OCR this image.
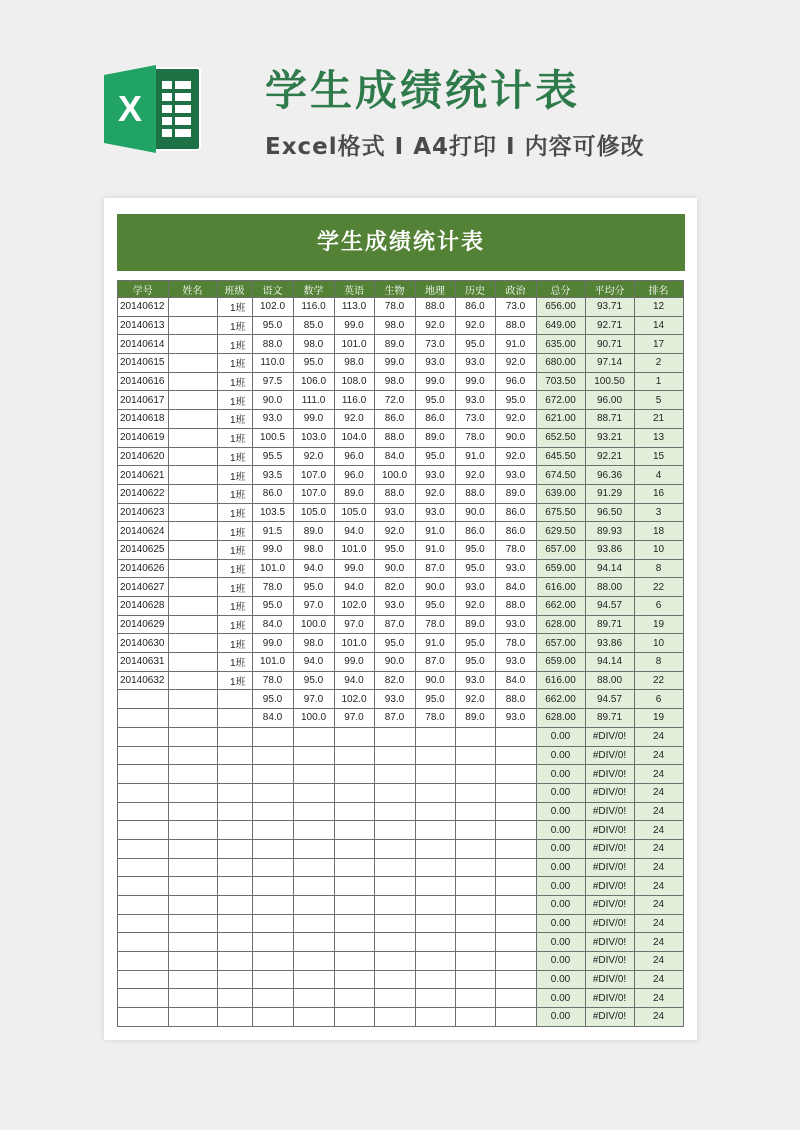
X	学生成绩统计表
Excel格式 I A4打印 I 内容可修改
学生成绩统计表
学号	姓名	班级	语文	数学	英语	生物	地理	历史	政治	总分	平均分	排名
20140612		1班	102.0	116.0	113.0	78.0	88.0	86.0	73.0	656.00	93.71	12
20140613		1班	95.0	85.0	99.0	98.0	92.0	92.0	88.0	649.00	92.71	14
20140614		1班	88.0	98.0	101.0	89.0	73.0	95.0	91.0	635.00	90.71	17
20140615		1班	110.0	95.0	98.0	99.0	93.0	93.0	92.0	680.00	97.14	2
20140616		1班	97.5	106.0	108.0	98.0	99.0	99.0	96.0	703.50	100.50	1
20140617		1班	90.0	111.0	116.0	72.0	95.0	93.0	95.0	672.00	96.00	5
20140618		1班	93.0	99.0	92.0	86.0	86.0	73.0	92.0	621.00	88.71	21
20140619		1班	100.5	103.0	104.0	88.0	89.0	78.0	90.0	652.50	93.21	13
20140620		1班	95.5	92.0	96.0	84.0	95.0	91.0	92.0	645.50	92.21	15
20140621		1班	93.5	107.0	96.0	100.0	93.0	92.0	93.0	674.50	96.36	4
20140622		1班	86.0	107.0	89.0	88.0	92.0	88.0	89.0	639.00	91.29	16
20140623		1班	103.5	105.0	105.0	93.0	93.0	90.0	86.0	675.50	96.50	3
20140624		1班	91.5	89.0	94.0	92.0	91.0	86.0	86.0	629.50	89.93	18
20140625		1班	99.0	98.0	101.0	95.0	91.0	95.0	78.0	657.00	93.86	10
20140626		1班	101.0	94.0	99.0	90.0	87.0	95.0	93.0	659.00	94.14	8
20140627		1班	78.0	95.0	94.0	82.0	90.0	93.0	84.0	616.00	88.00	22
20140628		1班	95.0	97.0	102.0	93.0	95.0	92.0	88.0	662.00	94.57	6
20140629		1班	84.0	100.0	97.0	87.0	78.0	89.0	93.0	628.00	89.71	19
20140630		1班	99.0	98.0	101.0	95.0	91.0	95.0	78.0	657.00	93.86	10
20140631		1班	101.0	94.0	99.0	90.0	87.0	95.0	93.0	659.00	94.14	8
20140632		1班	78.0	95.0	94.0	82.0	90.0	93.0	84.0	616.00	88.00	22
			95.0	97.0	102.0	93.0	95.0	92.0	88.0	662.00	94.57	6
			84.0	100.0	97.0	87.0	78.0	89.0	93.0	628.00	89.71	19
										0.00	#DIV/0!	24
										0.00	#DIV/0!	24
										0.00	#DIV/0!	24
										0.00	#DIV/0!	24
										0.00	#DIV/0!	24
										0.00	#DIV/0!	24
										0.00	#DIV/0!	24
										0.00	#DIV/0!	24
										0.00	#DIV/0!	24
										0.00	#DIV/0!	24
										0.00	#DIV/0!	24
										0.00	#DIV/0!	24
										0.00	#DIV/0!	24
										0.00	#DIV/0!	24
										0.00	#DIV/0!	24
										0.00	#DIV/0!	24
